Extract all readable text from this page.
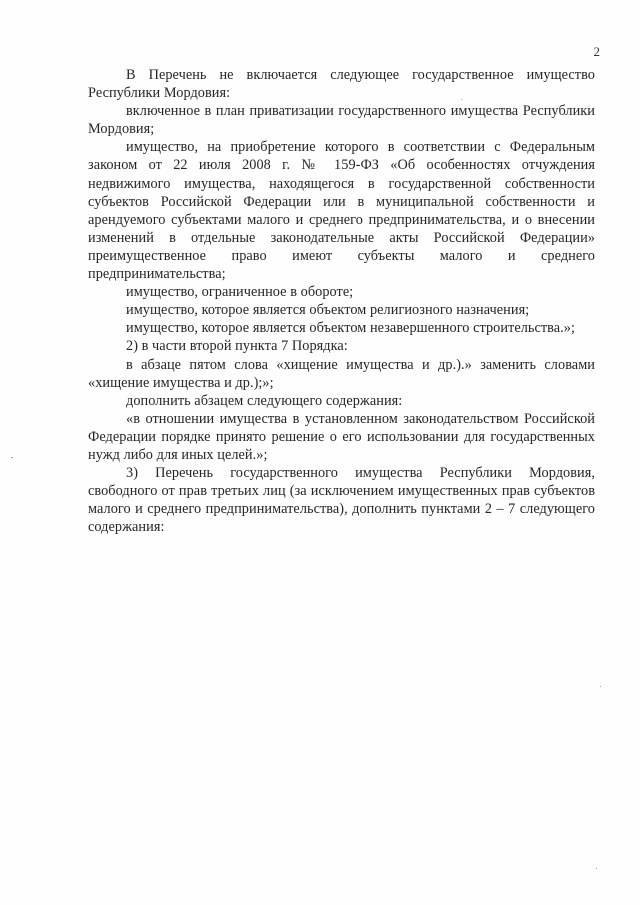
2

В Перечень не включается следующее государственное имущество Республики Мордовия:

включенное в план приватизации государственного имущества Республики Мордовия;

имущество, на приобретение которого в соответствии с Федеральным законом от 22 июля 2008 г. № 159-ФЗ «Об особенностях отчуждения недвижимого имущества, находящегося в государственной собственности субъектов Российской Федерации или в муниципальной собственности и арендуемого субъектами малого и среднего предпринимательства, и о внесении изменений в отдельные законодательные акты Российской Федерации» преимущественное право имеют субъекты малого и среднего предпринимательства;

имущество, ограниченное в обороте;

имущество, которое является объектом религиозного назначения;

имущество, которое является объектом незавершенного строительства.»;

2) в части второй пункта 7 Порядка:

в абзаце пятом слова «хищение имущества и др.).» заменить словами «хищение имущества и др.);»;

дополнить абзацем следующего содержания:

«в отношении имущества в установленном законодательством Российской Федерации порядке принято решение о его использовании для государственных нужд либо для иных целей.»;

3) Перечень государственного имущества Республики Мордовия, свободного от прав третьих лиц (за исключением имущественных прав субъектов малого и среднего предпринимательства), дополнить пунктами 2 – 7 следующего содержания:
